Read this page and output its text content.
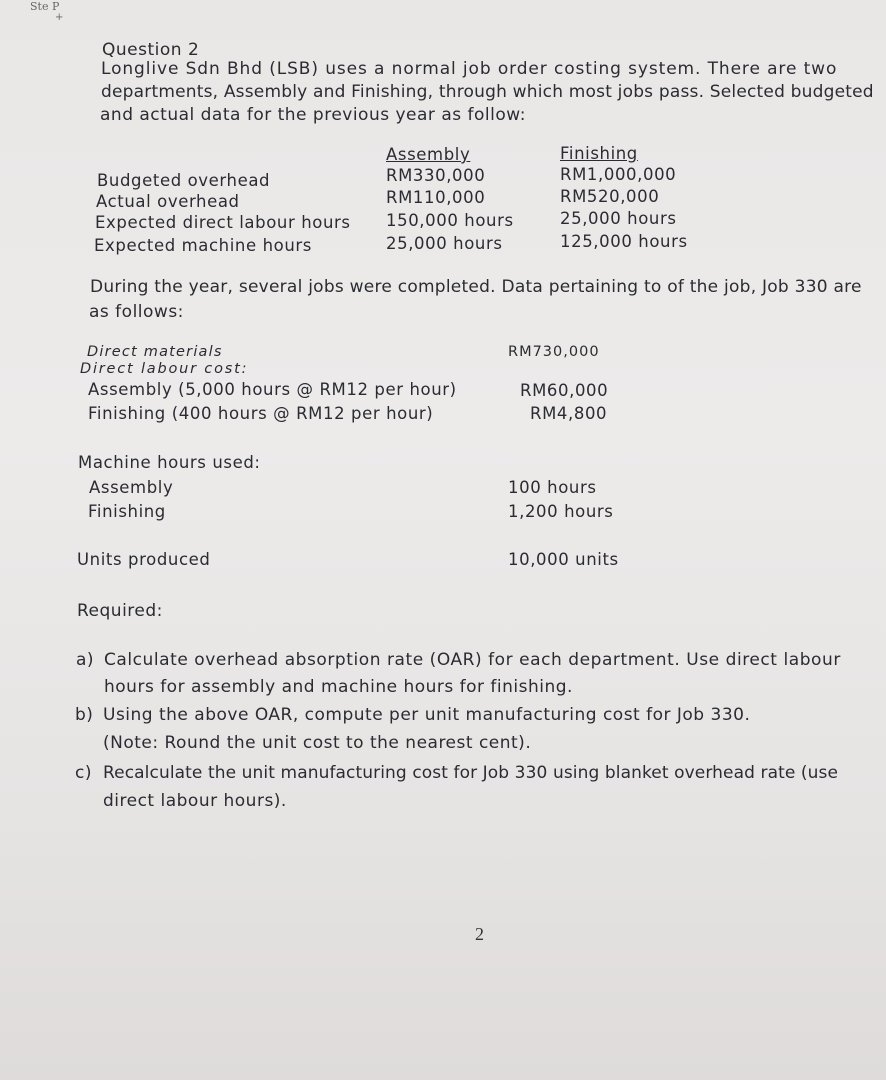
Ste P
+
Question 2
Longlive Sdn Bhd (LSB) uses a normal job order costing system. There are two
departments, Assembly and Finishing, through which most jobs pass. Selected budgeted
and actual data for the previous year as follow:
Assembly	Finishing
Budgeted overhead	RM330,000	RM1,000,000
Actual overhead	RM110,000	RM520,000
Expected direct labour hours 150,000 hours	25,000 hours
Expected machine hours	25,000 hours	125,000 hours
During the year, several jobs were completed. Data pertaining to of the job, Job 330 are
as follows:
Direct materials	RM730,000
Direct labour cost:
Assembly (5,000 hours @ RM12 per hour)	RM60,000
Finishing (400 hours @ RM12 per hour)	RM4,800
Machine hours used:
Assembly	100 hours
Finishing	1,200 hours
Units produced	10,000 units
Required:
a) Calculate overhead absorption rate (OAR) for each department. Use direct labour
hours for assembly and machine hours for finishing.
b) Using the above OAR, compute per unit manufacturing cost for Job 330.
(Note: Round the unit cost to the nearest cent).
c) Recalculate the unit manufacturing cost for Job 330 using blanket overhead rate (use
direct labour hours).
2
